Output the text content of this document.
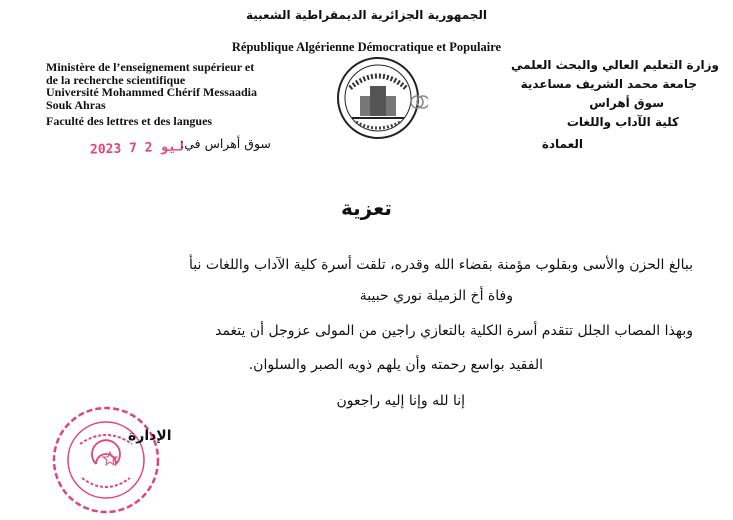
الجمهورية الجزائرية الديمقراطية الشعبية
République Algérienne Démocratique et Populaire
Ministère de l’enseignement supérieur et
de la recherche scientifique
Université Mohammed Chérif Messaadia
Souk Ahras
Faculté des lettres et des langues
وزارة التعليم العالي والبحث العلمي
جامعة محمد الشريف مساعدية
سوق أهراس
كلية الآداب واللغات
2023 ليو 2 7
سوق أهراس في:	العمادة
تعزية
ببالغ الحزن والأسى وبقلوب مؤمنة بقضاء الله وقدره، تلقت أسرة كلية الآداب واللغات نبأ
وفاة أخ الزميلة نوري حبيبة
وبهذا المصاب الجلل تتقدم أسرة الكلية بالتعازي راجين من المولى عزوجل أن يتغمد
الفقيد بواسع رحمته وأن يلهم ذويه الصبر والسلوان.
إنا لله وإنا إليه راجعون
الإدارة
